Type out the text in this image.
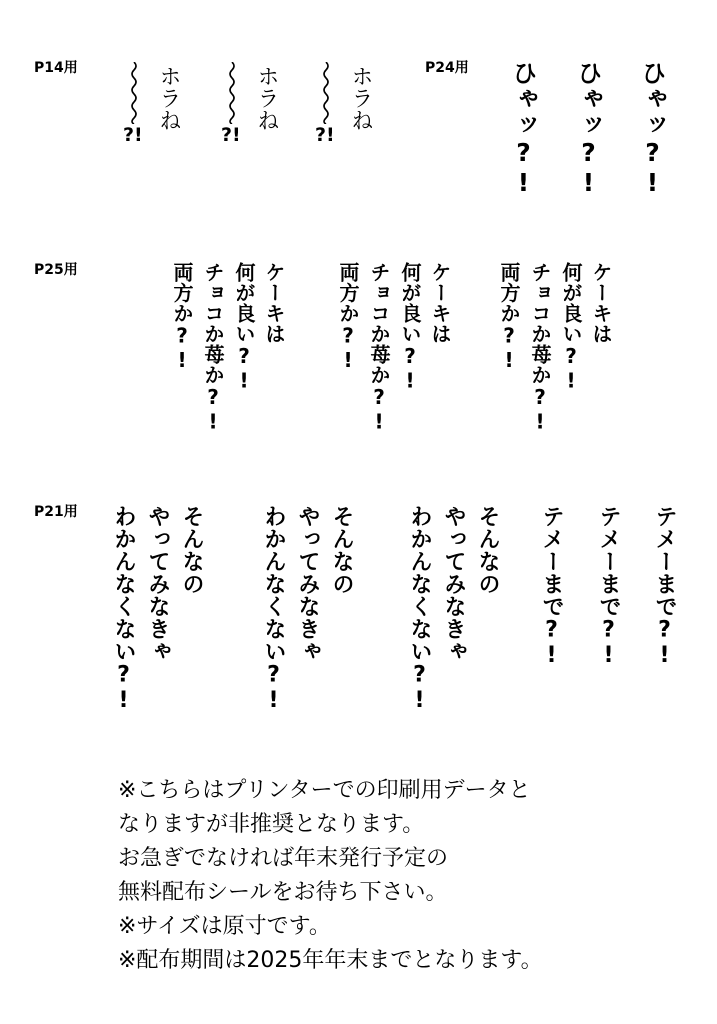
P14用	ホラね
?!
ホラね
?!
ホラね
?!
P24用 ひゃッ?! ひゃッ?! ひゃッ?!
P25用	ケーキは
何が良い?!
チョコか苺か?!
両方か?!	ケーキは
何が良い?!
チョコか苺か?!
両方か?!	ケーキは
何が良い?!
チョコか苺か?!
両方か?!
P21用	そんなの
やってみなきゃ
わかんなくない?!	そんなの
やってみなきゃ
わかんなくない?!	そんなの
やってみなきゃ
わかんなくない?!	テメーまで?! テメーまで?! テメーまで?!
※こちらはプリンターでの印刷用データと
なりますが非推奨となります。
お急ぎでなければ年末発行予定の
無料配布シールをお待ち下さい。
※サイズは原寸です。
※配布期間は2025年年末までとなります。
